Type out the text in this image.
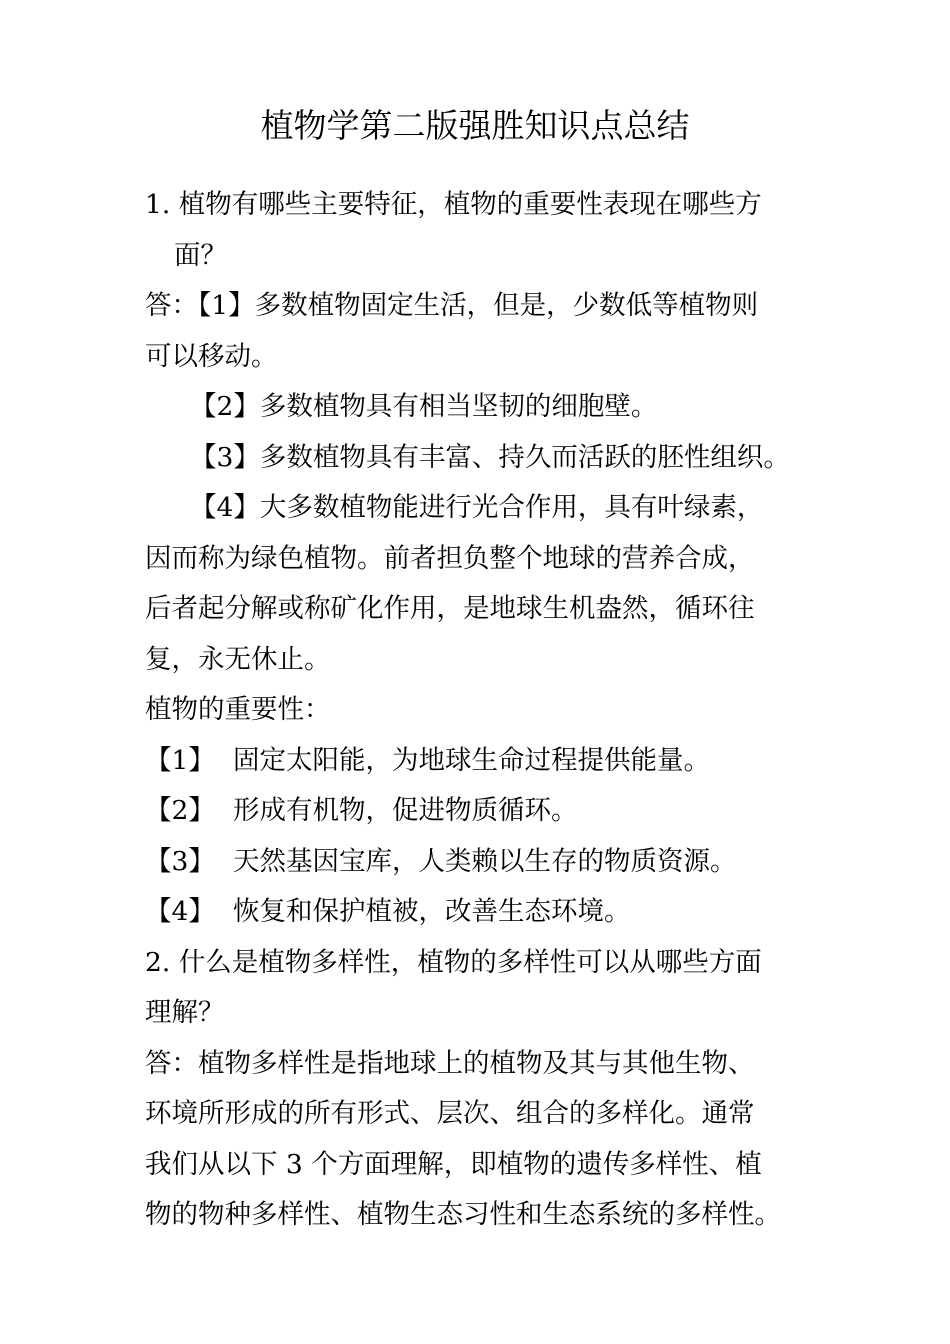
植物学第二版强胜知识点总结
1. 植物有哪些主要特征，植物的重要性表现在哪些方
面？
答：【1】多数植物固定生活，但是，少数低等植物则
可以移动。
【2】多数植物具有相当坚韧的细胞壁。
【3】多数植物具有丰富、持久而活跃的胚性组织。
【4】大多数植物能进行光合作用，具有叶绿素，
因而称为绿色植物。前者担负整个地球的营养合成，
后者起分解或称矿化作用，是地球生机盎然，循环往
复，永无休止。
植物的重要性：
【1】 固定太阳能，为地球生命过程提供能量。
【2】 形成有机物，促进物质循环。
【3】 天然基因宝库，人类赖以生存的物质资源。
【4】 恢复和保护植被，改善生态环境。
2. 什么是植物多样性，植物的多样性可以从哪些方面
理解？
答：植物多样性是指地球上的植物及其与其他生物、
环境所形成的所有形式、层次、组合的多样化。通常
我们从以下 3 个方面理解，即植物的遗传多样性、植
物的物种多样性、植物生态习性和生态系统的多样性。
